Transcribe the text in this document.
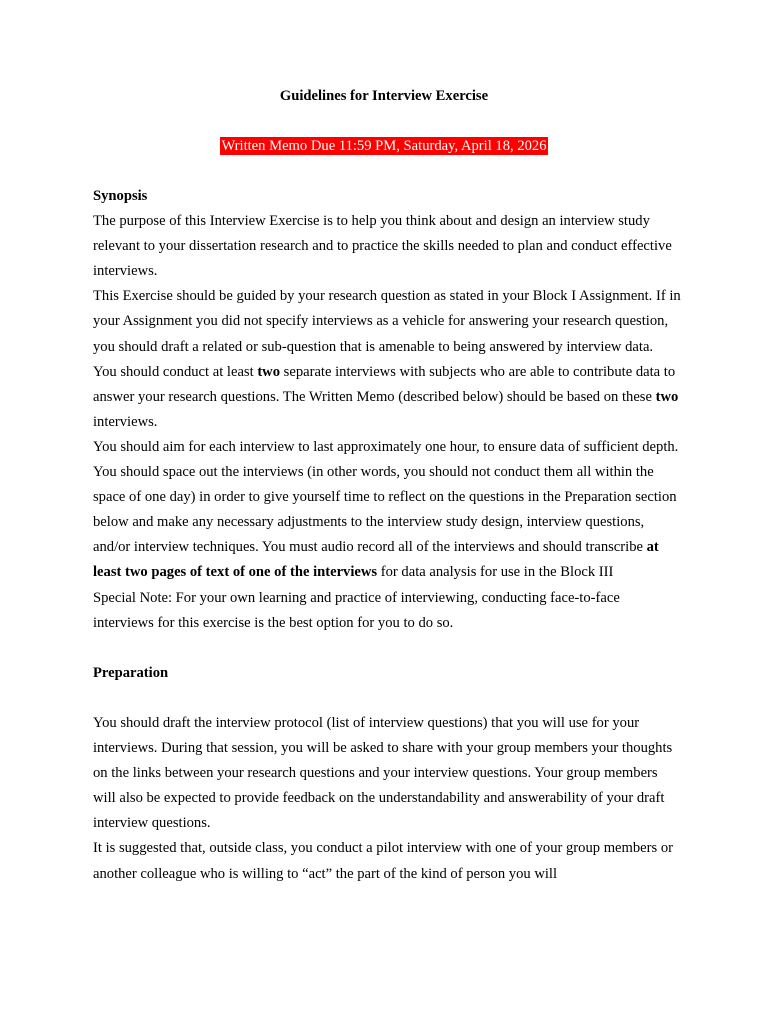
Guidelines for Interview Exercise
Written Memo Due 11:59 PM, Saturday, April 18, 2026

Synopsis

The purpose of this Interview Exercise is to help you think about and design an interview study relevant to your dissertation research and to practice the skills needed to plan and conduct effective interviews.

This Exercise should be guided by your research question as stated in your Block I Assignment. If in your Assignment you did not specify interviews as a vehicle for answering your research question, you should draft a related or sub-question that is amenable to being answered by interview data.

You should conduct at least two separate interviews with subjects who are able to contribute data to answer your research questions. The Written Memo (described below) should be based on these two interviews.

You should aim for each interview to last approximately one hour, to ensure data of sufficient depth. You should space out the interviews (in other words, you should not conduct them all within the space of one day) in order to give yourself time to reflect on the questions in the Preparation section below and make any necessary adjustments to the interview study design, interview questions, and/or interview techniques. You must audio record all of the interviews and should transcribe at least two pages of text of one of the interviews for data analysis for use in the Block III

Special Note: For your own learning and practice of interviewing, conducting face-to-face interviews for this exercise is the best option for you to do so.

Preparation

You should draft the interview protocol (list of interview questions) that you will use for your interviews. During that session, you will be asked to share with your group members your thoughts on the links between your research questions and your interview questions. Your group members will also be expected to provide feedback on the understandability and answerability of your draft interview questions.

It is suggested that, outside class, you conduct a pilot interview with one of your group members or another colleague who is willing to “act” the part of the kind of person you will
